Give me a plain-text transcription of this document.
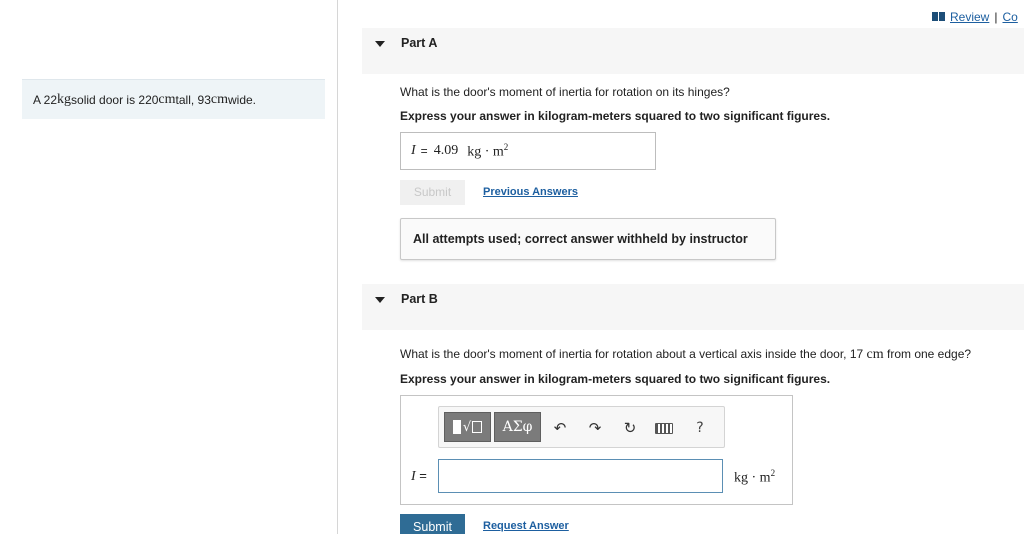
A 22 kg solid door is 220 cm tall, 93 cm wide.
Review | Co
Part A
What is the door's moment of inertia for rotation on its hinges?
Express your answer in kilogram-meters squared to two significant figures.
I = 4.09 kg · $m^2$
Submit	Previous Answers
All attempts used; correct answer withheld by instructor
Part B
What is the door's moment of inertia for rotation about a vertical axis inside the door, 17 cm from one edge?
Express your answer in kilogram-meters squared to two significant figures.
√	ΑΣφ	↶	↷	↻	?
I =	kg · $m^2$
Submit	Request Answer
